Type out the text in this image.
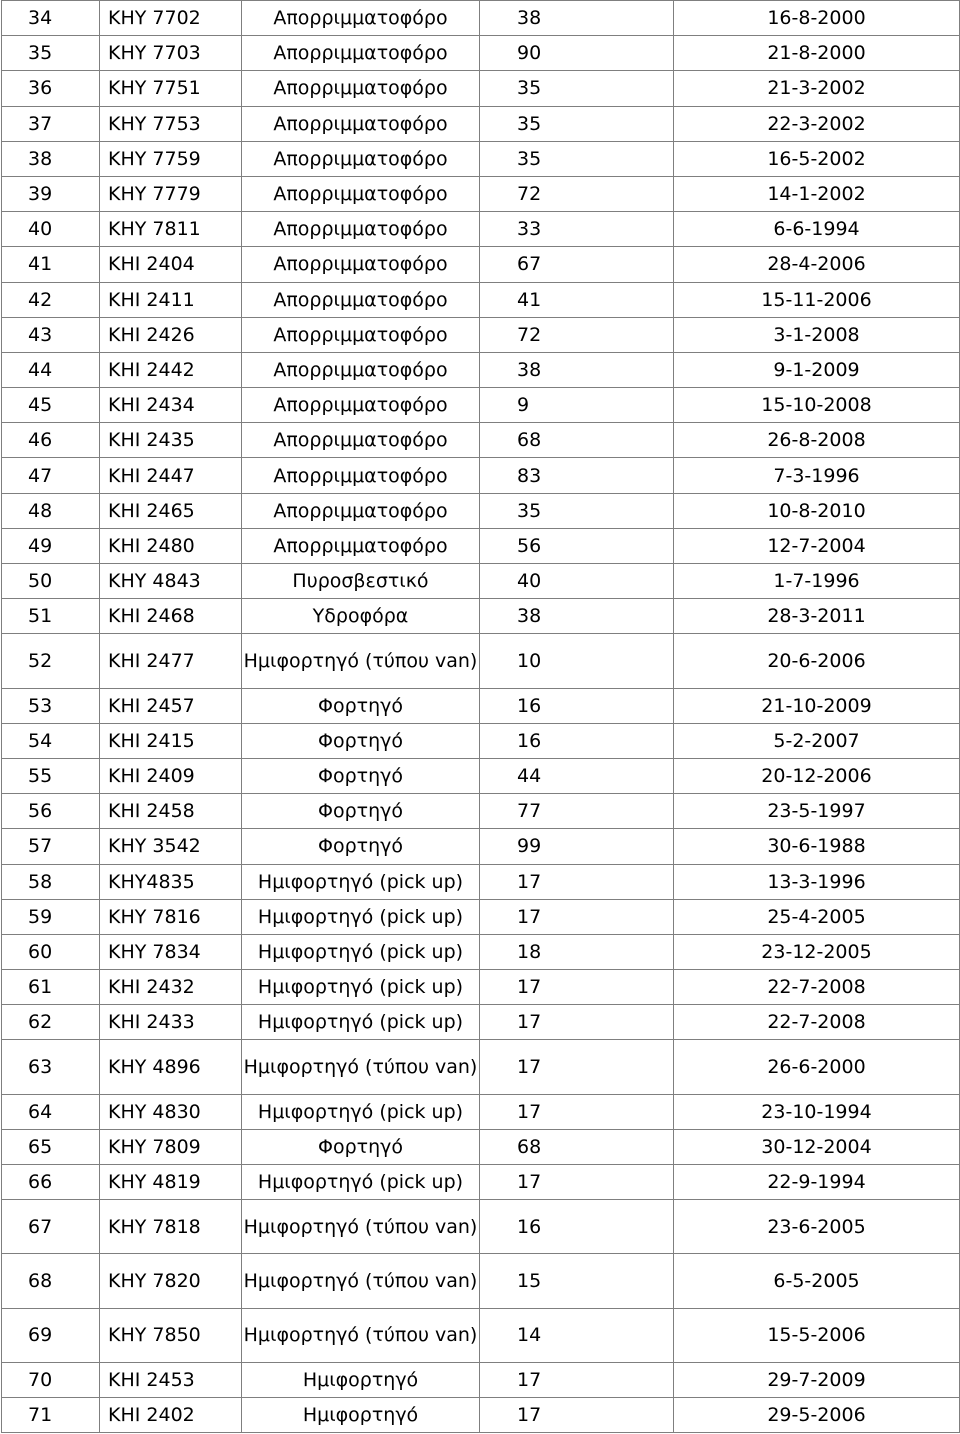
34	ΚΗΥ 7702	Απορριμματοφόρο	38	16-8-2000
35	ΚΗΥ 7703	Απορριμματοφόρο	90	21-8-2000
36	ΚΗΥ 7751	Απορριμματοφόρο	35	21-3-2002
37	ΚΗΥ 7753	Απορριμματοφόρο	35	22-3-2002
38	ΚΗΥ 7759	Απορριμματοφόρο	35	16-5-2002
39	ΚΗΥ 7779	Απορριμματοφόρο	72	14-1-2002
40	ΚΗΥ 7811	Απορριμματοφόρο	33	6-6-1994
41	ΚΗΙ 2404	Απορριμματοφόρο	67	28-4-2006
42	ΚΗΙ 2411	Απορριμματοφόρο	41	15-11-2006
43	ΚΗΙ 2426	Απορριμματοφόρο	72	3-1-2008
44	ΚΗΙ 2442	Απορριμματοφόρο	38	9-1-2009
45	ΚΗΙ 2434	Απορριμματοφόρο	9	15-10-2008
46	ΚΗΙ 2435	Απορριμματοφόρο	68	26-8-2008
47	ΚΗΙ 2447	Απορριμματοφόρο	83	7-3-1996
48	ΚΗΙ 2465	Απορριμματοφόρο	35	10-8-2010
49	ΚΗΙ 2480	Απορριμματοφόρο	56	12-7-2004
50	ΚΗΥ 4843	Πυροσβεστικό	40	1-7-1996
51	ΚΗΙ 2468	Υδροφόρα	38	28-3-2011
52	ΚΗΙ 2477	Ημιφορτηγό (τύπου van)	10	20-6-2006
53	ΚΗΙ 2457	Φορτηγό	16	21-10-2009
54	ΚΗΙ 2415	Φορτηγό	16	5-2-2007
55	ΚΗΙ 2409	Φορτηγό	44	20-12-2006
56	ΚΗΙ 2458	Φορτηγό	77	23-5-1997
57	ΚΗΥ 3542	Φορτηγό	99	30-6-1988
58	ΚΗΥ4835	Ημιφορτηγό (pick up)	17	13-3-1996
59	ΚΗΥ 7816	Ημιφορτηγό (pick up)	17	25-4-2005
60	ΚΗΥ 7834	Ημιφορτηγό (pick up)	18	23-12-2005
61	ΚΗΙ 2432	Ημιφορτηγό (pick up)	17	22-7-2008
62	ΚΗΙ 2433	Ημιφορτηγό (pick up)	17	22-7-2008
63	ΚΗΥ 4896	Ημιφορτηγό (τύπου van)	17	26-6-2000
64	ΚΗΥ 4830	Ημιφορτηγό (pick up)	17	23-10-1994
65	ΚΗΥ 7809	Φορτηγό	68	30-12-2004
66	ΚΗΥ 4819	Ημιφορτηγό (pick up)	17	22-9-1994
67	ΚΗΥ 7818	Ημιφορτηγό (τύπου van)	16	23-6-2005
68	ΚΗΥ 7820	Ημιφορτηγό (τύπου van)	15	6-5-2005
69	ΚΗΥ 7850	Ημιφορτηγό (τύπου van)	14	15-5-2006
70	ΚΗΙ 2453	Ημιφορτηγό	17	29-7-2009
71	ΚΗΙ 2402	Ημιφορτηγό	17	29-5-2006
